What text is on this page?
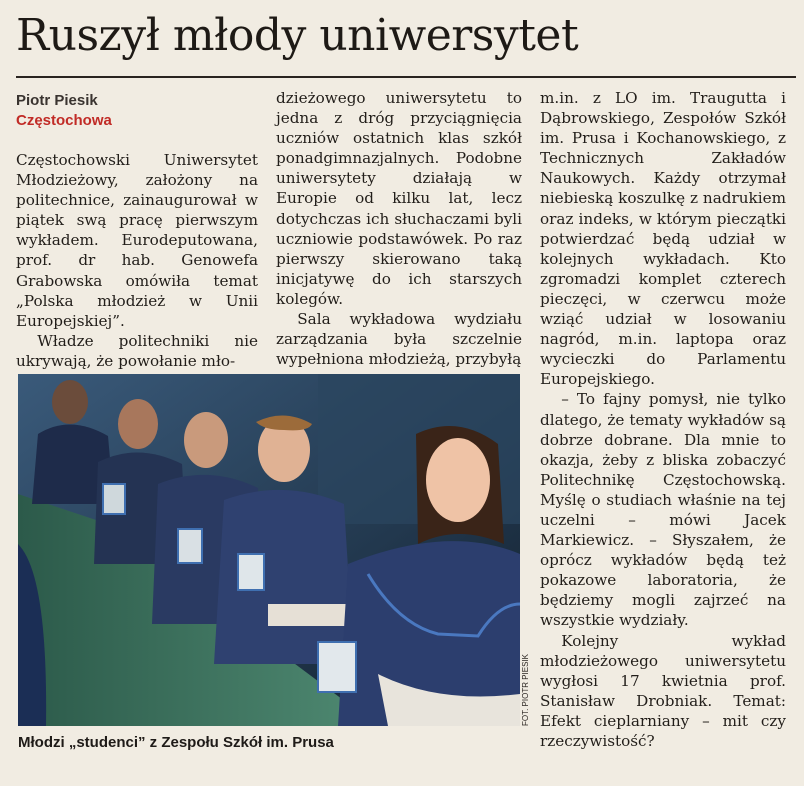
Ruszył młody uniwersytet
Piotr Piesik
Częstochowa

Częstochowski Uniwersytet Młodzieżowy, założony na politechnice, zainaugurował w piątek swą pracę pierwszym wykładem. Eurodeputowana, prof. dr hab. Genowefa Grabowska omówiła temat „Polska młodzież w Unii Europejskiej”.

Władze politechniki nie ukrywają, że powołanie mło-

dzieżowego uniwersytetu to jedna z dróg przyciągnięcia uczniów ostatnich klas szkół ponadgimnazjalnych. Podobne uniwersytety działają w Europie od kilku lat, lecz dotychczas ich słuchaczami byli uczniowie podstawówek. Po raz pierwszy skierowano taką inicjatywę do ich starszych kolegów.

Sala wykładowa wydziału zarządzania była szczelnie wypełniona młodzieżą, przybyłą

m.in. z LO im. Traugutta i Dąbrowskiego, Zespołów Szkół im. Prusa i Kochanowskiego, z Technicznych Zakładów Naukowych. Każdy otrzymał niebieską koszulkę z nadrukiem oraz indeks, w którym pieczątki potwierdzać będą udział w kolejnych wykładach. Kto zgromadzi komplet czterech pieczęci, w czerwcu może wziąć udział w losowaniu nagród, m.in. laptopa oraz wycieczki do Parlamentu Europejskiego.

– To fajny pomysł, nie tylko dlatego, że tematy wykładów są dobrze dobrane. Dla mnie to okazja, żeby z bliska zobaczyć Politechnikę Częstochowską. Myślę o studiach właśnie na tej uczelni – mówi Jacek Markiewicz. – Słyszałem, że oprócz wykładów będą też pokazowe laboratoria, że będziemy mogli zajrzeć na wszystkie wydziały.

Kolejny wykład młodzieżowego uniwersytetu wygłosi 17 kwietnia prof. Stanisław Drobniak. Temat: Efekt cieplarniany – mit czy rzeczywistość?

FOT. PIOTR PIESIK
Młodzi „studenci” z Zespołu Szkół im. Prusa
